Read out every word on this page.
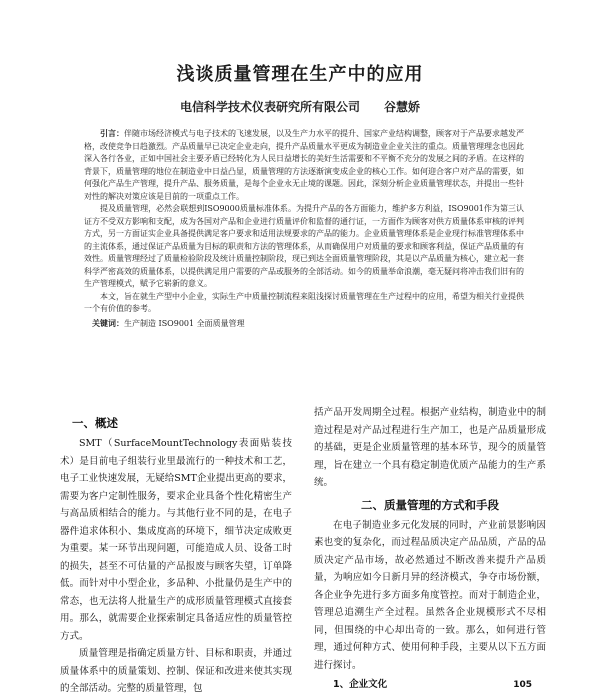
浅谈质量管理在生产中的应用
电信科学技术仪表研究所有限公司 谷慧娇

引言：伴随市场经济模式与电子技术的飞速发展，以及生产力水平的提升、国家产业结构调整，顾客对于产品要求越发严格，改使竞争日趋激烈。产品质量早已决定企业走向，提升产品质量水平更成为制造业企业关注的重点。质量管理理念也因此深入各行各业，正如中国社会主要矛盾已经转化为人民日益增长的美好生活需要和不平衡不充分的发展之间的矛盾。在这样的背景下，质量管理的地位在制造业中日益凸显，质量管理的方法逐渐演变成企业的核心工作。如何迎合客户对产品的需要，如何强化产品生产管理，提升产品、服务质量，是每个企业永无止境的课题。因此，深刻分析企业质量管理状态，并提出一些针对性的解决对策应该是目前的一项重点工作。

提及质量管理，必然会联想到ISO9000质量标准体系。为提升产品的各方面能力，维护多方利益，ISO9001作为第三认证方不受双方影响和支配，成为各国对产品和企业进行质量评价和监督的通行证，一方面作为顾客对供方质量体系审核的评判方式，另一方面证实企业具备提供满足客户要求和适用法规要求的产品的能力。企业质量管理体系是企业现行标准管理体系中的主流体系，通过保证产品质量为目标的职责和方法的管理体系，从而确保用户对质量的要求和顾客利益，保证产品质量的有效性。质量管理经过了质量检验阶段及统计质量控制阶段，现已到达全面质量管理阶段，其是以产品质量为核心，建立起一套科学严密高效的质量体系，以提供满足用户需要的产品或服务的全部活动。如今的质量举命浪潮，毫无疑问将冲击我们旧有的生产管理模式，赋予它崭新的意义。

本文，旨在就生产型中小企业，实际生产中质量控制流程来阻浅探讨质量管理在生产过程中的应用，希望为相关行业提供一个有价值的参考。

关键词：生产制造 ISO9001 全面质量管理

一、概述

SMT（SurfaceMountTechnology表面贴装技术）是目前电子组装行业里最流行的一种技术和工艺，电子工业快速发展，无疑给SMT企业提出更高的要求，需要为客户定制性服务，要求企业具备个性化精密生产与高品质相结合的能力。与其他行业不同的是，在电子器件追求体积小、集成度高的环境下，细节决定成败更为重要。某一环节出现问题，可能造成人员、设备工时的损失，甚至不可估量的产品报废与顾客失望，订单降低。而针对中小型企业，多品种、小批量仍是生产中的常态，也无法将人批量生产的成形质量管理模式直接套用。那么，就需要企业探索制定具备适应性的质量管控方式。

质量管理是指确定质量方针、目标和职责，并通过质量体系中的质量策划、控制、保证和改进来使其实现的全部活动。完整的质量管理，包

括产品开发周期全过程。根据产业结构，制造业中的制造过程是对产品过程进行生产加工，也是产品质量形成的基础，更是企业质量管理的基本环节，现今的质量管理，旨在建立一个具有稳定制造优质产品能力的生产系统。

二、质量管理的方式和手段

在电子制造业多元化发展的同时，产业前景影响因素也变的复杂化，而过程品质决定产品品质，产品的品质决定产品市场，故必然通过不断改善来提升产品质量，为响应如今日新月异的经济模式，争夺市场份额，各企业争先进行多方面多角度管控。而对于制造企业，管理总追溯生产全过程。虽然各企业规模形式不尽相同，但围绕的中心却出奇的一致。那么，如何进行管理，通过何种方式、使用何种手段，主要从以下五方面进行探讨。

1、企业文化	105
